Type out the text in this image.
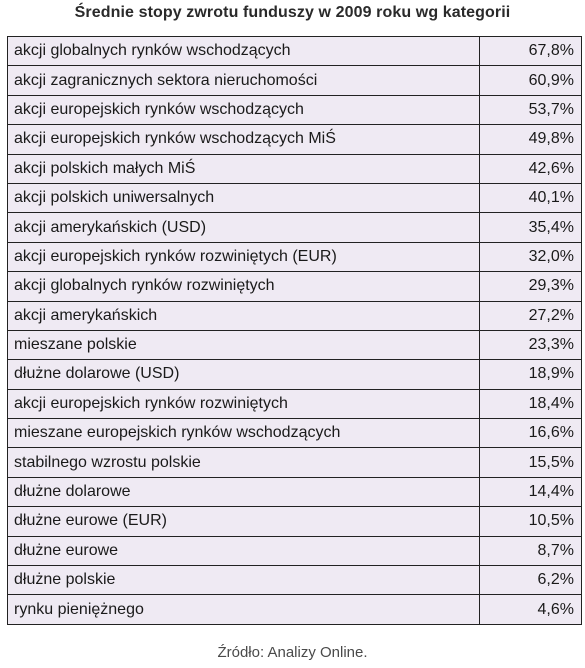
Średnie stopy zwrotu funduszy w 2009 roku wg kategorii
akcji globalnych rynków wschodzących	67,8%
akcji zagranicznych sektora nieruchomości	60,9%
akcji europejskich rynków wschodzących	53,7%
akcji europejskich rynków wschodzących MiŚ	49,8%
akcji polskich małych MiŚ	42,6%
akcji polskich uniwersalnych	40,1%
akcji amerykańskich (USD)	35,4%
akcji europejskich rynków rozwiniętych (EUR)	32,0%
akcji globalnych rynków rozwiniętych	29,3%
akcji amerykańskich	27,2%
mieszane polskie	23,3%
dłużne dolarowe (USD)	18,9%
akcji europejskich rynków rozwiniętych	18,4%
mieszane europejskich rynków wschodzących	16,6%
stabilnego wzrostu polskie	15,5%
dłużne dolarowe	14,4%
dłużne eurowe (EUR)	10,5%
dłużne eurowe	8,7%
dłużne polskie	6,2%
rynku pieniężnego	4,6%
Źródło: Analizy Online.
